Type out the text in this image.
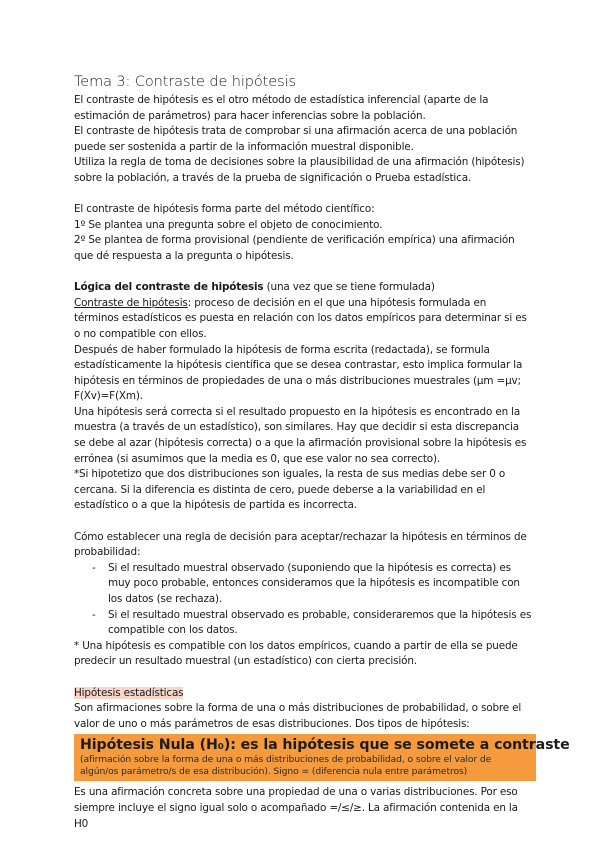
Tema 3: Contraste de hipótesis

El contraste de hipótesis es el otro método de estadística inferencial (aparte de la estimación de parámetros) para hacer inferencias sobre la población.

El contraste de hipótesis trata de comprobar si una afirmación acerca de una población puede ser sostenida a partir de la información muestral disponible.

Utiliza la regla de toma de decisiones sobre la plausibilidad de una afirmación (hipótesis) sobre la población, a través de la prueba de significación o Prueba estadística.

El contraste de hipótesis forma parte del método científico:

1º Se plantea una pregunta sobre el objeto de conocimiento.

2º Se plantea de forma provisional (pendiente de verificación empírica) una afirmación que dé respuesta a la pregunta o hipótesis.

Lógica del contraste de hipótesis (una vez que se tiene formulada)

Contraste de hipótesis: proceso de decisión en el que una hipótesis formulada en términos estadísticos es puesta en relación con los datos empíricos para determinar si es o no compatible con ellos.

Después de haber formulado la hipótesis de forma escrita (redactada), se formula estadísticamente la hipótesis científica que se desea contrastar, esto implica formular la hipótesis en términos de propiedades de una o más distribuciones muestrales (μm =μv; F(Xv)=F(Xm).

Una hipótesis será correcta si el resultado propuesto en la hipótesis es encontrado en la muestra (a través de un estadístico), son similares. Hay que decidir si esta discrepancia se debe al azar (hipótesis correcta) o a que la afirmación provisional sobre la hipótesis es errónea (si asumimos que la media es 0, que ese valor no sea correcto).

*Si hipotetizo que dos distribuciones son iguales, la resta de sus medias debe ser 0 o cercana. Si la diferencia es distinta de cero, puede deberse a la variabilidad en el estadístico o a que la hipótesis de partida es incorrecta.

Cómo establecer una regla de decisión para aceptar/rechazar la hipótesis en términos de probabilidad:

- Si el resultado muestral observado (suponiendo que la hipótesis es correcta) es muy poco probable, entonces consideramos que la hipótesis es incompatible con los datos (se rechaza).
- Si el resultado muestral observado es probable, consideraremos que la hipótesis es compatible con los datos.

* Una hipótesis es compatible con los datos empíricos, cuando a partir de ella se puede predecir un resultado muestral (un estadístico) con cierta precisión.

Hipótesis estadísticas

Son afirmaciones sobre la forma de una o más distribuciones de probabilidad, o sobre el valor de uno o más parámetros de esas distribuciones. Dos tipos de hipótesis:

Hipótesis Nula (H₀): es la hipótesis que se somete a contraste
(afirmación sobre la forma de una o más distribuciones de probabilidad, o sobre el valor de algún/os parámetro/s de esa distribución). Signo = (diferencia nula entre parámetros)

Es una afirmación concreta sobre una propiedad de una o varias distribuciones. Por eso siempre incluye el signo igual solo o acompañado =/≤/≥. La afirmación contenida en la H0
